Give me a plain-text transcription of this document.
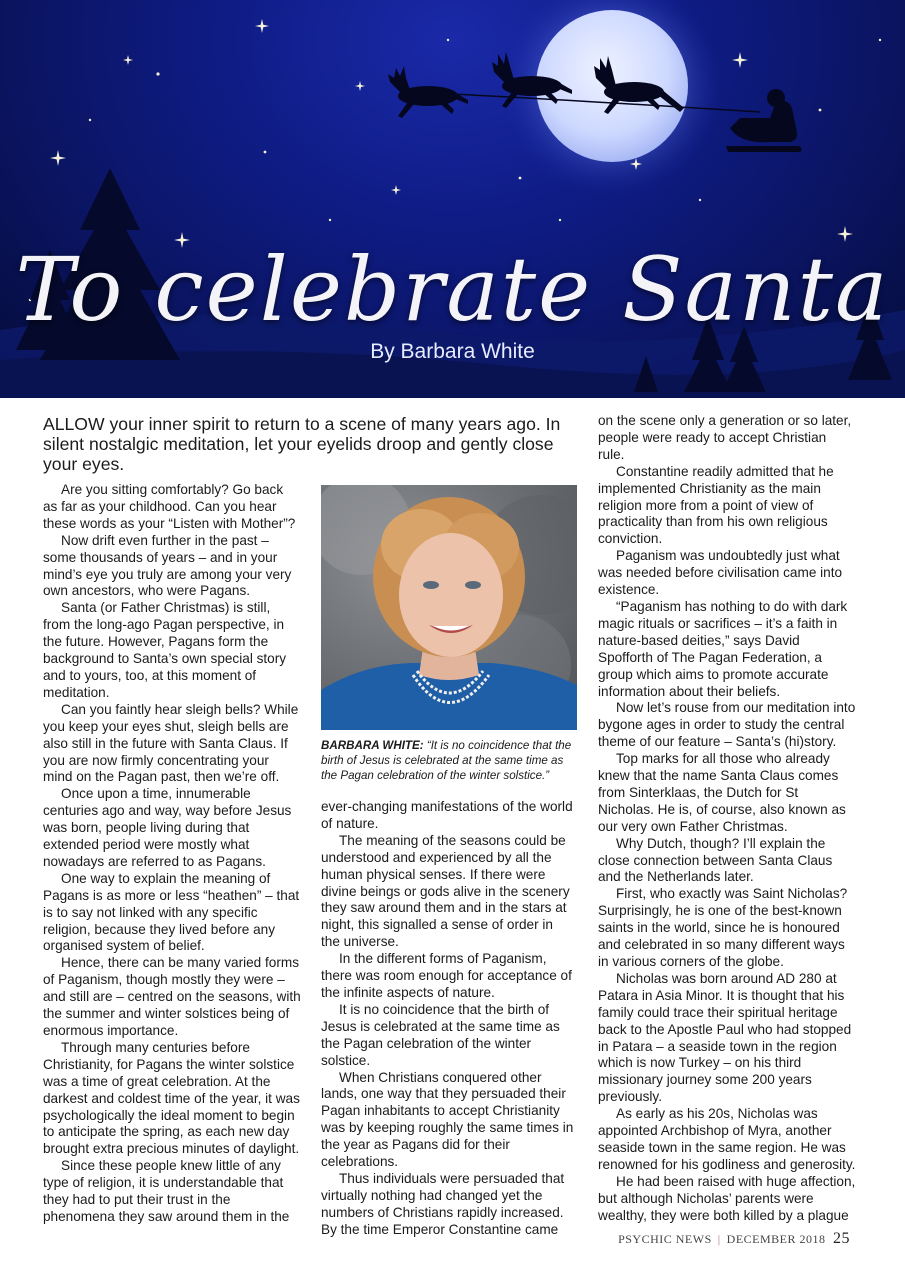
To celebrate Santa

By Barbara White

ALLOW your inner spirit to return to a scene of many years ago. In silent nostalgic meditation, let your eyelids droop and gently close your eyes.

Are you sitting comfortably? Go back as far as your childhood. Can you hear these words as your “Listen with Mother”?

Now drift even further in the past – some thousands of years – and in your mind’s eye you truly are among your very own ancestors, who were Pagans.

Santa (or Father Christmas) is still, from the long-ago Pagan perspective, in the future. However, Pagans form the background to Santa’s own special story and to yours, too, at this moment of meditation.

Can you faintly hear sleigh bells? While you keep your eyes shut, sleigh bells are also still in the future with Santa Claus. If you are now firmly concentrating your mind on the Pagan past, then we’re off.

Once upon a time, innumerable centuries ago and way, way before Jesus was born, people living during that extended period were mostly what nowadays are referred to as Pagans.

One way to explain the meaning of Pagans is as more or less “heathen” – that is to say not linked with any specific religion, because they lived before any organised system of belief.

Hence, there can be many varied forms of Paganism, though mostly they were – and still are – centred on the seasons, with the summer and winter solstices being of enormous importance.

Through many centuries before Christianity, for Pagans the winter solstice was a time of great celebration. At the darkest and coldest time of the year, it was psychologically the ideal moment to begin to anticipate the spring, as each new day brought extra precious minutes of daylight.

Since these people knew little of any type of religion, it is understandable that they had to put their trust in the phenomena they saw around them in the

BARBARA WHITE: “It is no coincidence that the birth of Jesus is celebrated at the same time as the Pagan celebration of the winter solstice.”

ever-changing manifestations of the world of nature.

The meaning of the seasons could be understood and experienced by all the human physical senses. If there were divine beings or gods alive in the scenery they saw around them and in the stars at night, this signalled a sense of order in the universe.

In the different forms of Paganism, there was room enough for acceptance of the infinite aspects of nature.

It is no coincidence that the birth of Jesus is celebrated at the same time as the Pagan celebration of the winter solstice.

When Christians conquered other lands, one way that they persuaded their Pagan inhabitants to accept Christianity was by keeping roughly the same times in the year as Pagans did for their celebrations.

Thus individuals were persuaded that virtually nothing had changed yet the numbers of Christians rapidly increased. By the time Emperor Constantine came

on the scene only a generation or so later, people were ready to accept Christian rule.

Constantine readily admitted that he implemented Christianity as the main religion more from a point of view of practicality than from his own religious conviction.

Paganism was undoubtedly just what was needed before civilisation came into existence.

“Paganism has nothing to do with dark magic rituals or sacrifices – it’s a faith in nature-based deities,” says David Spofforth of The Pagan Federation, a group which aims to promote accurate information about their beliefs.

Now let’s rouse from our meditation into bygone ages in order to study the central theme of our feature – Santa’s (hi)story.

Top marks for all those who already knew that the name Santa Claus comes from Sinterklaas, the Dutch for St Nicholas. He is, of course, also known as our very own Father Christmas.

Why Dutch, though? I’ll explain the close connection between Santa Claus and the Netherlands later.

First, who exactly was Saint Nicholas? Surprisingly, he is one of the best-known saints in the world, since he is honoured and celebrated in so many different ways in various corners of the globe.

Nicholas was born around AD 280 at Patara in Asia Minor. It is thought that his family could trace their spiritual heritage back to the Apostle Paul who had stopped in Patara – a seaside town in the region which is now Turkey – on his third missionary journey some 200 years previously.

As early as his 20s, Nicholas was appointed Archbishop of Myra, another seaside town in the same region. He was renowned for his godliness and generosity.

He had been raised with huge affection, but although Nicholas’ parents were wealthy, they were both killed by a plague

PSYCHIC NEWS | DECEMBER 2018 25
